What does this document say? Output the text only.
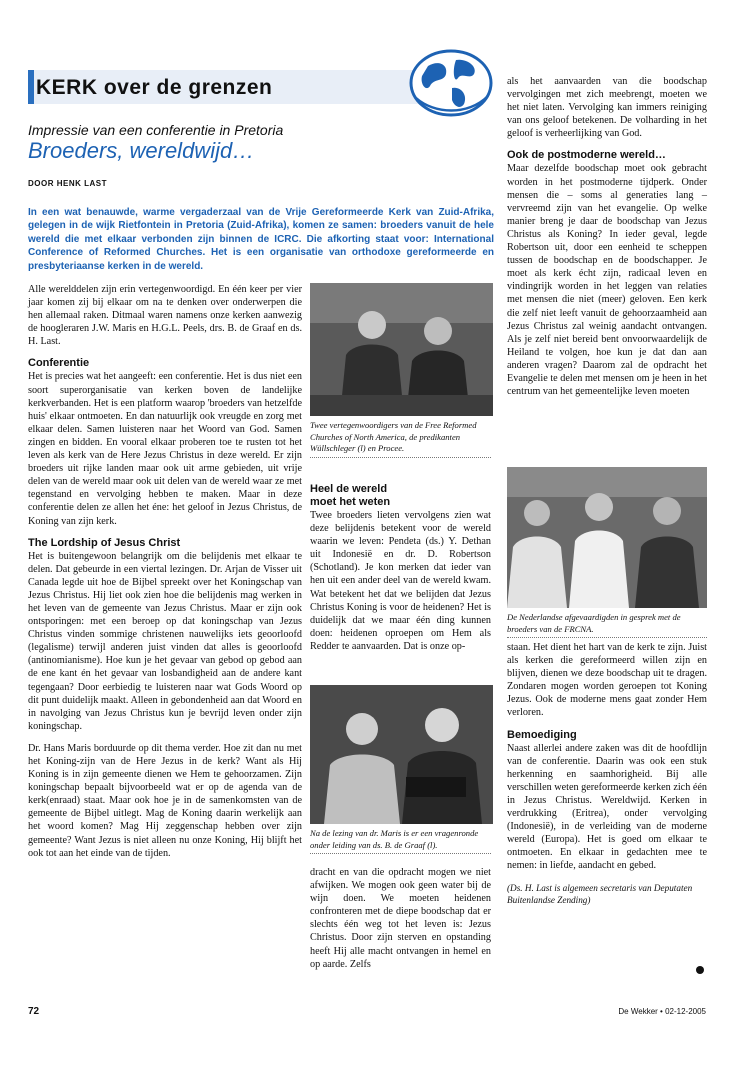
KERK over de grenzen
Impressie van een conferentie in Pretoria
Broeders, wereldwijd…
DOOR HENK LAST

In een wat benauwde, warme vergaderzaal van de Vrije Gereformeerde Kerk van Zuid-Afrika, gelegen in de wijk Rietfontein in Pretoria (Zuid-Afrika), komen ze samen: broeders vanuit de hele wereld die met elkaar verbonden zijn binnen de ICRC. Die afkorting staat voor: International Conference of Reformed Churches. Het is een organisatie van orthodoxe gereformeerde en presbyteriaanse kerken in de wereld.

Alle werelddelen zijn erin vertegenwoordigd. En één keer per vier jaar komen zij bij elkaar om na te denken over onderwerpen die hen allemaal raken. Ditmaal waren namens onze kerken aanwezig de hoogleraren J.W. Maris en H.G.L. Peels, drs. B. de Graaf en ds. H. Last.

Conferentie

Het is precies wat het aangeeft: een conferentie. Het is dus niet een soort superorganisatie van kerken boven de landelijke kerkverbanden. Het is een platform waarop 'broeders van hetzelfde huis' elkaar ontmoeten. En dan natuurlijk ook vreugde en zorg met elkaar delen. Samen luisteren naar het Woord van God. Samen zingen en bidden. En vooral elkaar proberen toe te rusten tot het leven als kerk van de Here Jezus Christus in deze wereld. Er zijn broeders uit rijke landen maar ook uit arme gebieden, uit vrije delen van de wereld maar ook uit delen van de wereld waar ze met tegenstand en vervolging hebben te maken. Maar in deze conferentie delen ze allen het éne: het geloof in Jezus Christus, de Koning van zijn kerk.

The Lordship of Jesus Christ

Het is buitengewoon belangrijk om die belijdenis met elkaar te delen. Dat gebeurde in een viertal lezingen. Dr. Arjan de Visser uit Canada legde uit hoe de Bijbel spreekt over het Koningschap van Jezus Christus. Hij liet ook zien hoe die belijdenis mag werken in het leven van de gemeente van Jezus Christus. Maar er zijn ook ontsporingen: met een beroep op dat koningschap van Jezus Christus vinden sommige christenen nauwelijks iets geoorloofd (legalisme) terwijl anderen juist vinden dat alles is geoorloofd (antinomianisme). Hoe kun je het gevaar van gebod op gebod aan de ene kant én het gevaar van losbandigheid aan de andere kant tegengaan? Door eerbiedig te luisteren naar wat Gods Woord op dit punt duidelijk maakt. Alleen in gebondenheid aan dat Woord en in navolging van Jezus Christus kun je bevrijd leven onder zijn koningschap.

Dr. Hans Maris borduurde op dit thema verder. Hoe zit dan nu met het Koning-zijn van de Here Jezus in de kerk? Want als Hij Koning is in zijn gemeente dienen we Hem te gehoorzamen. Zijn koningschap bepaalt bijvoorbeeld wat er op de agenda van de kerk(enraad) staat. Maar ook hoe je in de samenkomsten van de gemeente de Bijbel uitlegt. Mag de Koning daarin werkelijk aan het woord komen? Mag Hij zeggenschap hebben over zijn gemeente? Want Jezus is niet alleen nu onze Koning, Hij blijft het ook tot aan het einde van de tijden.

Twee vertegenwoordigers van de Free Reformed Churches of North America, de predikanten Wüllschleger (l) en Procee.
Heel de wereld
moet het weten

Twee broeders lieten vervolgens zien wat deze belijdenis betekent voor de wereld waarin we leven: Pendeta (ds.) Y. Dethan uit Indonesië en dr. D. Robertson (Schotland). Je kon merken dat ieder van hen uit een ander deel van de wereld kwam. Wat betekent het dat we belijden dat Jezus Christus Koning is voor de heidenen? Het is duidelijk dat we maar één ding kunnen doen: heidenen oproepen om Hem als Redder te aanvaarden. Dat is onze op-

Na de lezing van dr. Maris is er een vragenronde onder leiding van ds. B. de Graaf (l).

dracht en van die opdracht mogen we niet afwijken. We mogen ook geen water bij de wijn doen. We moeten heidenen confronteren met de diepe boodschap dat er slechts één weg tot het leven is: Jezus Christus. Door zijn sterven en opstanding heeft Hij alle macht ontvangen in hemel en op aarde. Zelfs

als het aanvaarden van die boodschap vervolgingen met zich meebrengt, moeten we het niet laten. Vervolging kan immers reiniging van ons geloof betekenen. De volharding in het geloof is verheerlijking van God.

Ook de postmoderne wereld…

Maar dezelfde boodschap moet ook gebracht worden in het postmoderne tijdperk. Onder mensen die – soms al generaties lang – vervreemd zijn van het evangelie. Op welke manier breng je daar de boodschap van Jezus Christus als Koning? In ieder geval, legde Robertson uit, door een eenheid te scheppen tussen de boodschap en de boodschapper. Je moet als kerk écht zijn, radicaal leven en vindingrijk worden in het leggen van relaties met mensen die niet (meer) geloven. Een kerk die zelf niet leeft vanuit de gehoorzaamheid aan Jezus Christus zal weinig aandacht ontvangen. Als je zelf niet bereid bent onvoorwaardelijk de Heiland te volgen, hoe kun je dat dan aan anderen vragen? Daarom zal de opdracht het Evangelie te delen met mensen om je heen in het centrum van het gemeentelijke leven moeten

De Nederlandse afgevaardigden in gesprek met de broeders van de FRCNA.

staan. Het dient het hart van de kerk te zijn. Juist als kerken die gereformeerd willen zijn en blijven, dienen we deze boodschap uit te dragen. Zondaren mogen worden geroepen tot Koning Jezus. Ook de moderne mens gaat zonder Hem verloren.

Bemoediging

Naast allerlei andere zaken was dit de hoofdlijn van de conferentie. Daarin was ook een stuk herkenning en saamhorigheid. Bij alle verschillen weten gereformeerde kerken zich één in Jezus Christus. Wereldwijd. Kerken in verdrukking (Eritrea), onder vervolging (Indonesië), in de verleiding van de moderne wereld (Europa). Het is goed om elkaar te ontmoeten. En elkaar in gedachten mee te nemen: in liefde, aandacht en gebed.

(Ds. H. Last is algemeen secretaris van Deputaten Buitenlandse Zending)

72	De Wekker • 02-12-2005
